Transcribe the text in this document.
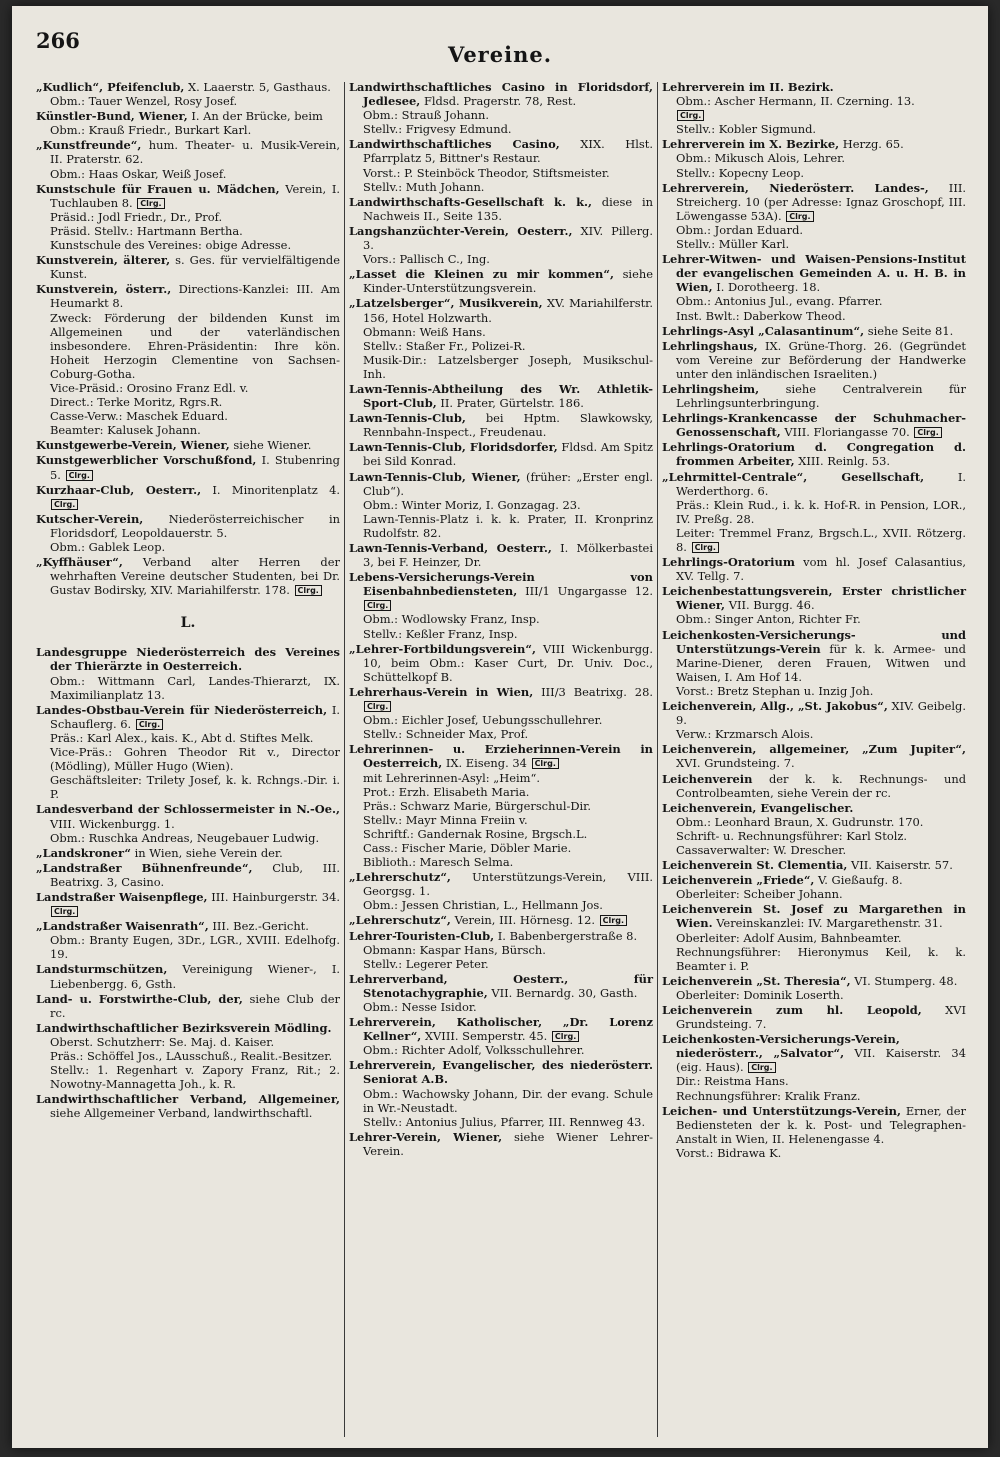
266
Vereine.
„Kudlich“, Pfeifenclub, X. Laaerstr. 5, Gasthaus.
Obm.: Tauer Wenzel, Rosy Josef.
Künstler-Bund, Wiener, I. An der Brücke, beim
Obm.: Krauß Friedr., Burkart Karl.
„Kunstfreunde“, hum. Theater- u. Musik-Verein, II. Praterstr. 62.
Obm.: Haas Oskar, Weiß Josef.
Kunstschule für Frauen u. Mädchen, Verein, I. Tuchlauben 8. Clrg.
Präsid.: Jodl Friedr., Dr., Prof.
Präsid. Stellv.: Hartmann Bertha.
Kunstschule des Vereines: obige Adresse.
Kunstverein, älterer, s. Ges. für vervielfältigende Kunst.
Kunstverein, österr., Directions-Kanzlei: III. Am Heumarkt 8.
Zweck: Förderung der bildenden Kunst im Allgemeinen und der vaterländischen insbesondere. Ehren-Präsidentin: Ihre kön. Hoheit Herzogin Clementine von Sachsen-Coburg-Gotha.
Vice-Präsid.: Orosino Franz Edl. v.
Direct.: Terke Moritz, Rgrs.R.
Casse-Verw.: Maschek Eduard.
Beamter: Kalusek Johann.
Kunstgewerbe-Verein, Wiener, siehe Wiener.
Kunstgewerblicher Vorschußfond, I. Stubenring 5. Clrg.
Kurzhaar-Club, Oesterr., I. Minoritenplatz 4. Clrg.
Kutscher-Verein, Niederösterreichischer in Floridsdorf, Leopoldauerstr. 5.
Obm.: Gablek Leop.
„Kyffhäuser“, Verband alter Herren der wehrhaften Vereine deutscher Studenten, bei Dr. Gustav Bodirsky, XIV. Mariahilferstr. 178. Clrg.
L.
Landesgruppe Niederösterreich des Vereines der Thierärzte in Oesterreich.
Obm.: Wittmann Carl, Landes-Thierarzt, IX. Maximilianplatz 13.
Landes-Obstbau-Verein für Niederösterreich, I. Schauflerg. 6. Clrg.
Präs.: Karl Alex., kais. K., Abt d. Stiftes Melk.
Vice-Präs.: Gohren Theodor Rit v., Director (Mödling), Müller Hugo (Wien).
Geschäftsleiter: Trilety Josef, k. k. Rchngs.-Dir. i. P.
Landesverband der Schlossermeister in N.-Oe., VIII. Wickenburgg. 1.
Obm.: Ruschka Andreas, Neugebauer Ludwig.
„Landskroner“ in Wien, siehe Verein der.
„Landstraßer Bühnenfreunde“, Club, III. Beatrixg. 3, Casino.
Landstraßer Waisenpflege, III. Hainburgerstr. 34. Clrg.
„Landstraßer Waisenrath“, III. Bez.-Gericht.
Obm.: Branty Eugen, 3Dr., LGR., XVIII. Edelhofg. 19.
Landsturmschützen, Vereinigung Wiener-, I. Liebenbergg. 6, Gsth.
Land- u. Forstwirthe-Club, der, siehe Club der rc.
Landwirthschaftlicher Bezirksverein Mödling.
Oberst. Schutzherr: Se. Maj. d. Kaiser.
Präs.: Schöffel Jos., LAusschuß., Realit.-Besitzer.
Stellv.: 1. Regenhart v. Zapory Franz, Rit.; 2. Nowotny-Mannagetta Joh., k. R.
Landwirthschaftlicher Verband, Allgemeiner, siehe Allgemeiner Verband, landwirthschaftl.
Landwirthschaftliches Casino in Floridsdorf, Jedlesee, Fldsd. Pragerstr. 78, Rest.
Obm.: Strauß Johann.
Stellv.: Frigvesy Edmund.
Landwirthschaftliches Casino, XIX. Hlst. Pfarrplatz 5, Bittner's Restaur.
Vorst.: P. Steinböck Theodor, Stiftsmeister.
Stellv.: Muth Johann.
Landwirthschafts-Gesellschaft k. k., diese in Nachweis II., Seite 135.
Langshanzüchter-Verein, Oesterr., XIV. Pillerg. 3.
Vors.: Pallisch C., Ing.
„Lasset die Kleinen zu mir kommen“, siehe Kinder-Unterstützungsverein.
„Latzelsberger“, Musikverein, XV. Mariahilferstr. 156, Hotel Holzwarth.
Obmann: Weiß Hans.
Stellv.: Staßer Fr., Polizei-R.
Musik-Dir.: Latzelsberger Joseph, Musikschul-Inh.
Lawn-Tennis-Abtheilung des Wr. Athletik-Sport-Club, II. Prater, Gürtelstr. 186.
Lawn-Tennis-Club, bei Hptm. Slawkowsky, Rennbahn-Inspect., Freudenau.
Lawn-Tennis-Club, Floridsdorfer, Fldsd. Am Spitz bei Sild Konrad.
Lawn-Tennis-Club, Wiener, (früher: „Erster engl. Club“).
Obm.: Winter Moriz, I. Gonzagag. 23.
Lawn-Tennis-Platz i. k. k. Prater, II. Kronprinz Rudolfstr. 82.
Lawn-Tennis-Verband, Oesterr., I. Mölkerbastei 3, bei F. Heinzer, Dr.
Lebens-Versicherungs-Verein von Eisenbahnbediensteten, III/1 Ungargasse 12. Clrg.
Obm.: Wodlowsky Franz, Insp.
Stellv.: Keßler Franz, Insp.
„Lehrer-Fortbildungsverein“, VIII Wickenburgg. 10, beim Obm.: Kaser Curt, Dr. Univ. Doc., Schüttelkopf B.
Lehrerhaus-Verein in Wien, III/3 Beatrixg. 28. Clrg.
Obm.: Eichler Josef, Uebungsschullehrer.
Stellv.: Schneider Max, Prof.
Lehrerinnen- u. Erzieherinnen-Verein in Oesterreich, IX. Eiseng. 34 Clrg.
mit Lehrerinnen-Asyl: „Heim“.
Prot.: Erzh. Elisabeth Maria.
Präs.: Schwarz Marie, Bürgerschul-Dir.
Stellv.: Mayr Minna Freiin v.
Schriftf.: Gandernak Rosine, Brgsch.L.
Cass.: Fischer Marie, Döbler Marie.
Biblioth.: Maresch Selma.
„Lehrerschutz“, Unterstützungs-Verein, VIII. Georgsg. 1.
Obm.: Jessen Christian, L., Hellmann Jos.
„Lehrerschutz“, Verein, III. Hörnesg. 12. Clrg.
Lehrer-Touristen-Club, I. Babenbergerstraße 8.
Obmann: Kaspar Hans, Bürsch.
Stellv.: Legerer Peter.
Lehrerverband, Oesterr., für Stenotachygraphie, VII. Bernardg. 30, Gasth.
Obm.: Nesse Isidor.
Lehrerverein, Katholischer, „Dr. Lorenz Kellner“, XVIII. Semperstr. 45. Clrg.
Obm.: Richter Adolf, Volksschullehrer.
Lehrerverein, Evangelischer, des niederösterr. Seniorat A.B.
Obm.: Wachowsky Johann, Dir. der evang. Schule in Wr.-Neustadt.
Stellv.: Antonius Julius, Pfarrer, III. Rennweg 43.
Lehrer-Verein, Wiener, siehe Wiener Lehrer-Verein.
Lehrerverein im II. Bezirk.
Obm.: Ascher Hermann, II. Czerning. 13.
Clrg.
Stellv.: Kobler Sigmund.
Lehrerverein im X. Bezirke, Herzg. 65.
Obm.: Mikusch Alois, Lehrer.
Stellv.: Kopecny Leop.
Lehrerverein, Niederösterr. Landes-, III. Streicherg. 10 (per Adresse: Ignaz Groschopf, III. Löwengasse 53A). Clrg.
Obm.: Jordan Eduard.
Stellv.: Müller Karl.
Lehrer-Witwen- und Waisen-Pensions-Institut der evangelischen Gemeinden A. u. H. B. in Wien, I. Dorotheerg. 18.
Obm.: Antonius Jul., evang. Pfarrer.
Inst. Bwlt.: Daberkow Theod.
Lehrlings-Asyl „Calasantinum“, siehe Seite 81.
Lehrlingshaus, IX. Grüne-Thorg. 26. (Gegründet vom Vereine zur Beförderung der Handwerke unter den inländischen Israeliten.)
Lehrlingsheim, siehe Centralverein für Lehrlingsunterbringung.
Lehrlings-Krankencasse der Schuhmacher-Genossenschaft, VIII. Floriangasse 70. Clrg.
Lehrlings-Oratorium d. Congregation d. frommen Arbeiter, XIII. Reinlg. 53.
„Lehrmittel-Centrale“, Gesellschaft,	I. Werderthorg. 6.
Präs.: Klein Rud., i. k. k. Hof-R. in Pension, LOR., IV. Preßg. 28.
Leiter: Tremmel Franz, Brgsch.L., XVII. Rötzerg. 8. Clrg.
Lehrlings-Oratorium vom hl. Josef Calasantius, XV. Tellg. 7.
Leichenbestattungsverein, Erster christlicher Wiener, VII. Burgg. 46.
Obm.: Singer Anton, Richter Fr.
Leichenkosten-Versicherungs- und Unterstützungs-Verein für k. k. Armee- und Marine-Diener, deren Frauen, Witwen und Waisen, I. Am Hof 14.
Vorst.: Bretz Stephan u. Inzig Joh.
Leichenverein, Allg., „St. Jakobus“, XIV. Geibelg. 9.
Verw.: Krzmarsch Alois.
Leichenverein, allgemeiner, „Zum Jupiter“, XVI. Grundsteing. 7.
Leichenverein der k. k. Rechnungs- und Controlbeamten, siehe Verein der rc.
Leichenverein, Evangelischer.
Obm.: Leonhard Braun, X. Gudrunstr. 170.
Schrift- u. Rechnungsführer: Karl Stolz.
Cassaverwalter: W. Drescher.
Leichenverein St. Clementia, VII. Kaiserstr. 57.
Leichenverein „Friede“, V. Gießaufg. 8.
Oberleiter: Scheiber Johann.
Leichenverein St. Josef zu Margarethen in Wien. Vereinskanzlei: IV. Margarethenstr. 31.
Oberleiter: Adolf Ausim, Bahnbeamter.
Rechnungsführer: Hieronymus Keil, k. k. Beamter i. P.
Leichenverein „St. Theresia“, VI. Stumperg. 48.
Oberleiter: Dominik Loserth.
Leichenverein zum hl. Leopold, XVI Grundsteing. 7.
Leichenkosten-Versicherungs-Verein, niederösterr., „Salvator“, VII. Kaiserstr. 34 (eig. Haus). Clrg.
Dir.: Reistma Hans.
Rechnungsführer: Kralik Franz.
Leichen- und Unterstützungs-Verein, Erner, der Bediensteten der k. k. Post- und Telegraphen-Anstalt in Wien, II. Helenengasse 4.
Vorst.: Bidrawa K.
